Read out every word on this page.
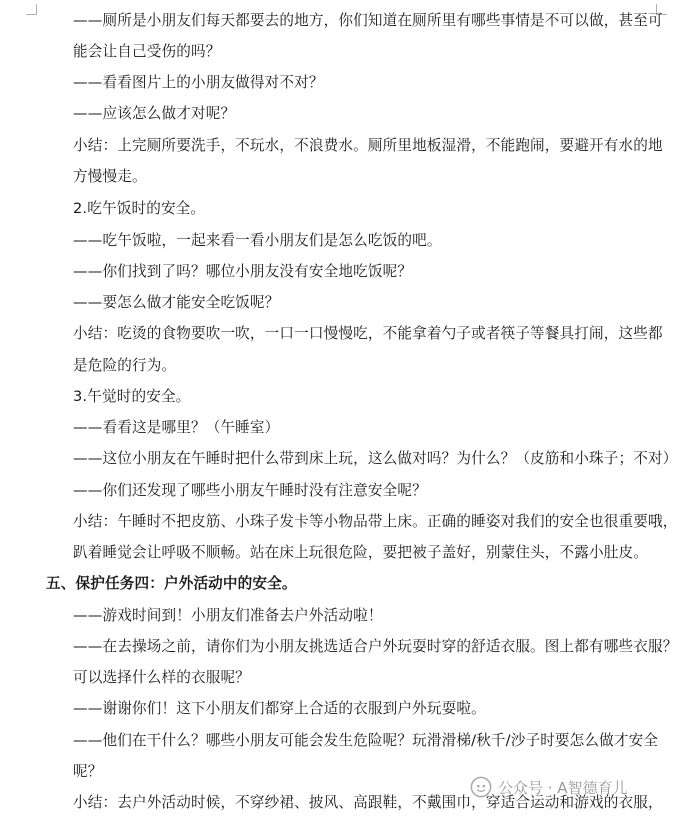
——厕所是小朋友们每天都要去的地方，你们知道在厕所里有哪些事情是不可以做，甚至可
能会让自己受伤的吗？
——看看图片上的小朋友做得对不对？
——应该怎么做才对呢？
小结：上完厕所要洗手，不玩水，不浪费水。厕所里地板湿滑，不能跑闹，要避开有水的地
方慢慢走。
2.吃午饭时的安全。
——吃午饭啦，一起来看一看小朋友们是怎么吃饭的吧。
——你们找到了吗？哪位小朋友没有安全地吃饭呢？
——要怎么做才能安全吃饭呢？
小结：吃烫的食物要吹一吹，一口一口慢慢吃，不能拿着勺子或者筷子等餐具打闹，这些都
是危险的行为。
3.午觉时的安全。
——看看这是哪里？（午睡室）
——这位小朋友在午睡时把什么带到床上玩，这么做对吗？为什么？（皮筋和小珠子；不对）
——你们还发现了哪些小朋友午睡时没有注意安全呢？
小结：午睡时不把皮筋、小珠子发卡等小物品带上床。正确的睡姿对我们的安全也很重要哦，
趴着睡觉会让呼吸不顺畅。站在床上玩很危险，要把被子盖好，别蒙住头，不露小肚皮。
五、保护任务四：户外活动中的安全。
——游戏时间到！小朋友们准备去户外活动啦！
——在去操场之前，请你们为小朋友挑选适合户外玩耍时穿的舒适衣服。图上都有哪些衣服？
可以选择什么样的衣服呢？
——谢谢你们！这下小朋友们都穿上合适的衣服到户外玩耍啦。
——他们在干什么？哪些小朋友可能会发生危险呢？玩滑滑梯/秋千/沙子时要怎么做才安全
呢？
小结：去户外活动时候，不穿纱裙、披风、高跟鞋，不戴围巾，穿适合运动和游戏的衣服，
公众号 · A智德育儿
